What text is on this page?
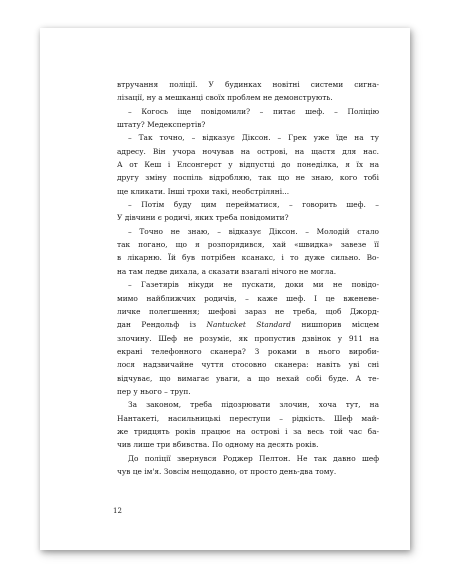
втручання поліції. У будинках новітні системи сигна-
лізації, ну а мешканці своїх проблем не демонструють.
– Когось іще повідомили? – питає шеф. – Поліцію
штату? Медекспертів?
– Так точно, – відказує Діксон. – Грек уже їде на ту
адресу. Він учора ночував на острові, на щастя для нас.
А от Кеш і Елсонгерст у відпустці до понеділка, я їх на
другу зміну поспіль відробляю, так що не знаю, кого тобі
ще кликати. Інші трохи такі, необстріляні...
– Потім буду цим перейматися, – говорить шеф. –
У дівчини є родичі, яких треба повідомити?
– Точно не знаю, – відказує Діксон. – Молодій стало
так погано, що я розпорядився, хай «швидка» завезе її
в лікарню. Їй був потрібен ксанакс, і то дуже сильно. Во-
на там ледве дихала, а сказати взагалі нічого не могла.
– Газетярів нікуди не пускати, доки ми не повідо-
мимо найближчих родичів, – каже шеф. І це вженеве-
личке полегшення; шефові зараз не треба, щоб Джорд-
дан Рендольф із Nantucket Standard нишпорив місцем
злочину. Шеф не розуміє, як пропустив дзвінок у 911 на
екрані телефонного сканера? З роками в нього вироби-
лося надзвичайне чуття стосовно сканера: навіть уві сні
відчуває, що вимагає уваги, а що нехай собі буде. А те-
пер у нього – труп.
За законом, треба підозрювати злочин, хоча тут, на
Нантакеті, насильницькі переступи – рідкість. Шеф май-
же тридцять років працює на острові і за весь той час ба-
чив лише три вбивства. По одному на десять років.
До поліції звернувся Роджер Пелтон. Не так давно шеф
чув це ім'я. Зовсім нещодавно, от просто день-два тому.
12
